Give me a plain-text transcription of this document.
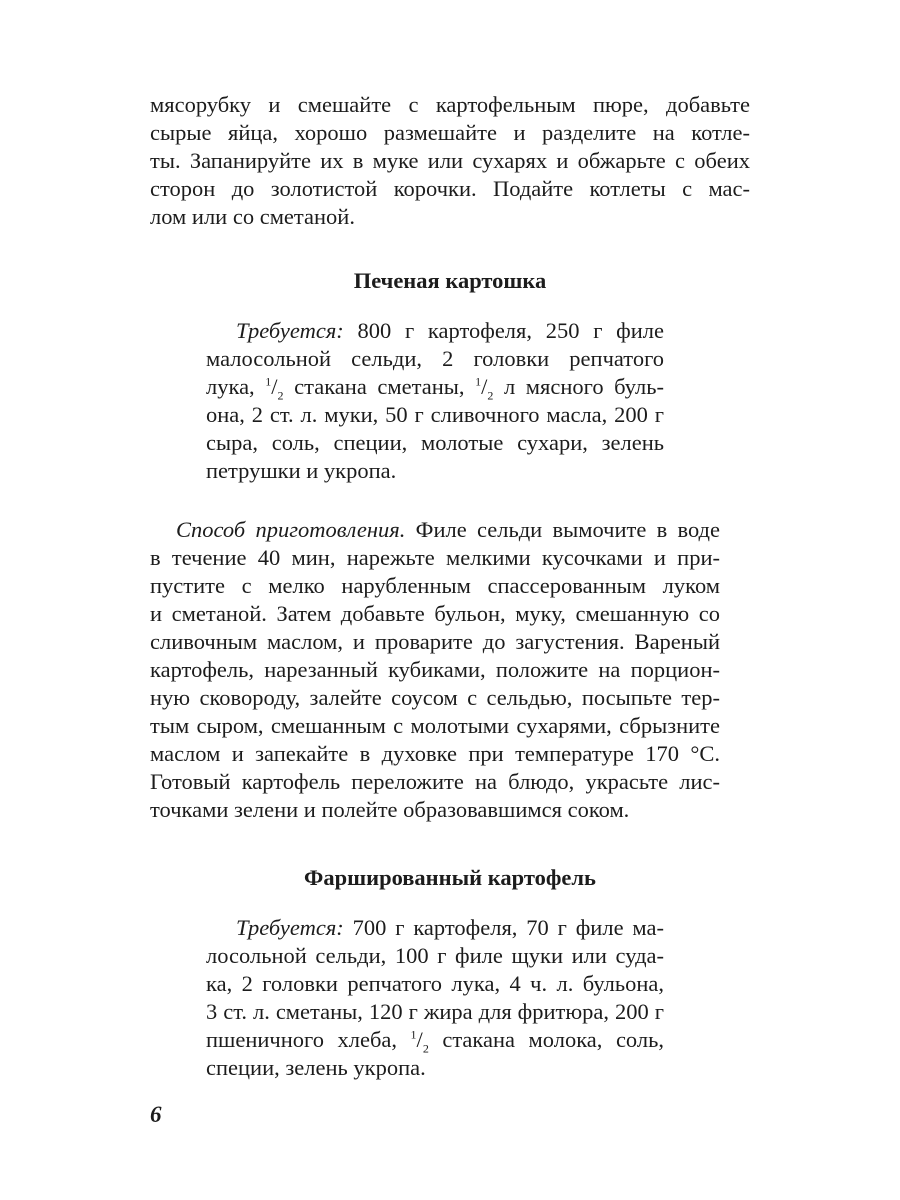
мясорубку и смешайте с картофельным пюре, добавьте
сырые яйца, хорошо размешайте и разделите на котле-
ты. Запанируйте их в муке или сухарях и обжарьте с обеих
сторон до золотистой корочки. Подайте котлеты с мас-
лом или со сметаной.
Печеная картошка
Требуется: 800 г картофеля, 250 г филе
малосольной сельди, 2 головки репчатого
лука, $^1/_2$ стакана сметаны, $^1/_2$ л мясного буль-
она, 2 ст. л. муки, 50 г сливочного масла, 200 г
сыра, соль, специи, молотые сухари, зелень
петрушки и укропа.
Способ приготовления. Филе сельди вымочите в воде
в течение 40 мин, нарежьте мелкими кусочками и при-
пустите с мелко нарубленным спассерованным луком
и сметаной. Затем добавьте бульон, муку, смешанную со
сливочным маслом, и проварите до загустения. Вареный
картофель, нарезанный кубиками, положите на порцион-
ную сковороду, залейте соусом с сельдью, посыпьте тер-
тым сыром, смешанным с молотыми сухарями, сбрызните
маслом и запекайте в духовке при температуре 170 °С.
Готовый картофель переложите на блюдо, украсьте лис-
точками зелени и полейте образовавшимся соком.
Фаршированный картофель
Требуется: 700 г картофеля, 70 г филе ма-
лосольной сельди, 100 г филе щуки или суда-
ка, 2 головки репчатого лука, 4 ч. л. бульона,
3 ст. л. сметаны, 120 г жира для фритюра, 200 г
пшеничного хлеба, $^1/_2$ стакана молока, соль,
специи, зелень укропа.
6
